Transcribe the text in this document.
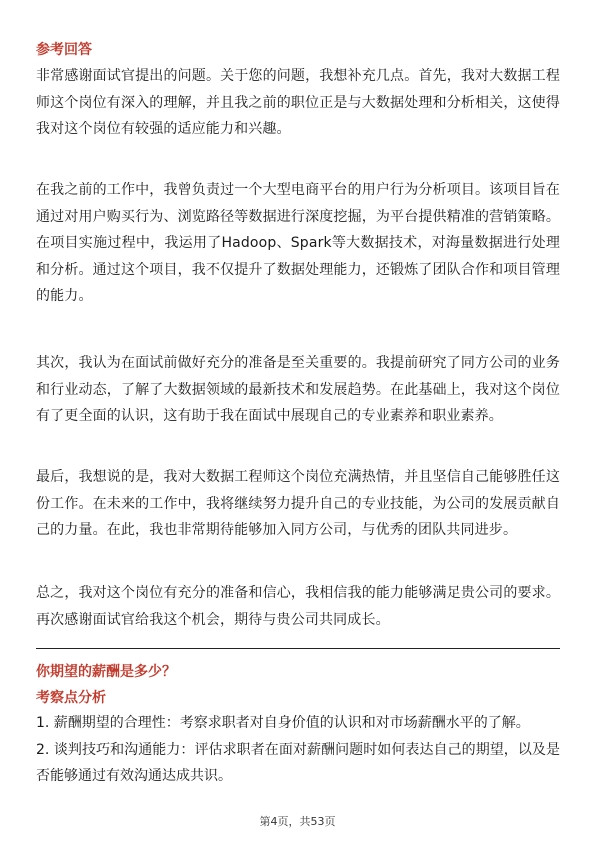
参考回答

非常感谢面试官提出的问题。关于您的问题，我想补充几点。首先，我对大数据工程师这个岗位有深入的理解，并且我之前的职位正是与大数据处理和分析相关，这使得我对这个岗位有较强的适应能力和兴趣。

在我之前的工作中，我曾负责过一个大型电商平台的用户行为分析项目。该项目旨在通过对用户购买行为、浏览路径等数据进行深度挖掘，为平台提供精准的营销策略。在项目实施过程中，我运用了Hadoop、Spark等大数据技术，对海量数据进行处理和分析。通过这个项目，我不仅提升了数据处理能力，还锻炼了团队合作和项目管理的能力。

其次，我认为在面试前做好充分的准备是至关重要的。我提前研究了同方公司的业务和行业动态，了解了大数据领域的最新技术和发展趋势。在此基础上，我对这个岗位有了更全面的认识，这有助于我在面试中展现自己的专业素养和职业素养。

最后，我想说的是，我对大数据工程师这个岗位充满热情，并且坚信自己能够胜任这份工作。在未来的工作中，我将继续努力提升自己的专业技能，为公司的发展贡献自己的力量。在此，我也非常期待能够加入同方公司，与优秀的团队共同进步。

总之，我对这个岗位有充分的准备和信心，我相信我的能力能够满足贵公司的要求。再次感谢面试官给我这个机会，期待与贵公司共同成长。

你期望的薪酬是多少？

考察点分析

1. 薪酬期望的合理性：考察求职者对自身价值的认识和对市场薪酬水平的了解。

2. 谈判技巧和沟通能力：评估求职者在面对薪酬问题时如何表达自己的期望，以及是否能够通过有效沟通达成共识。

第4页，共53页
